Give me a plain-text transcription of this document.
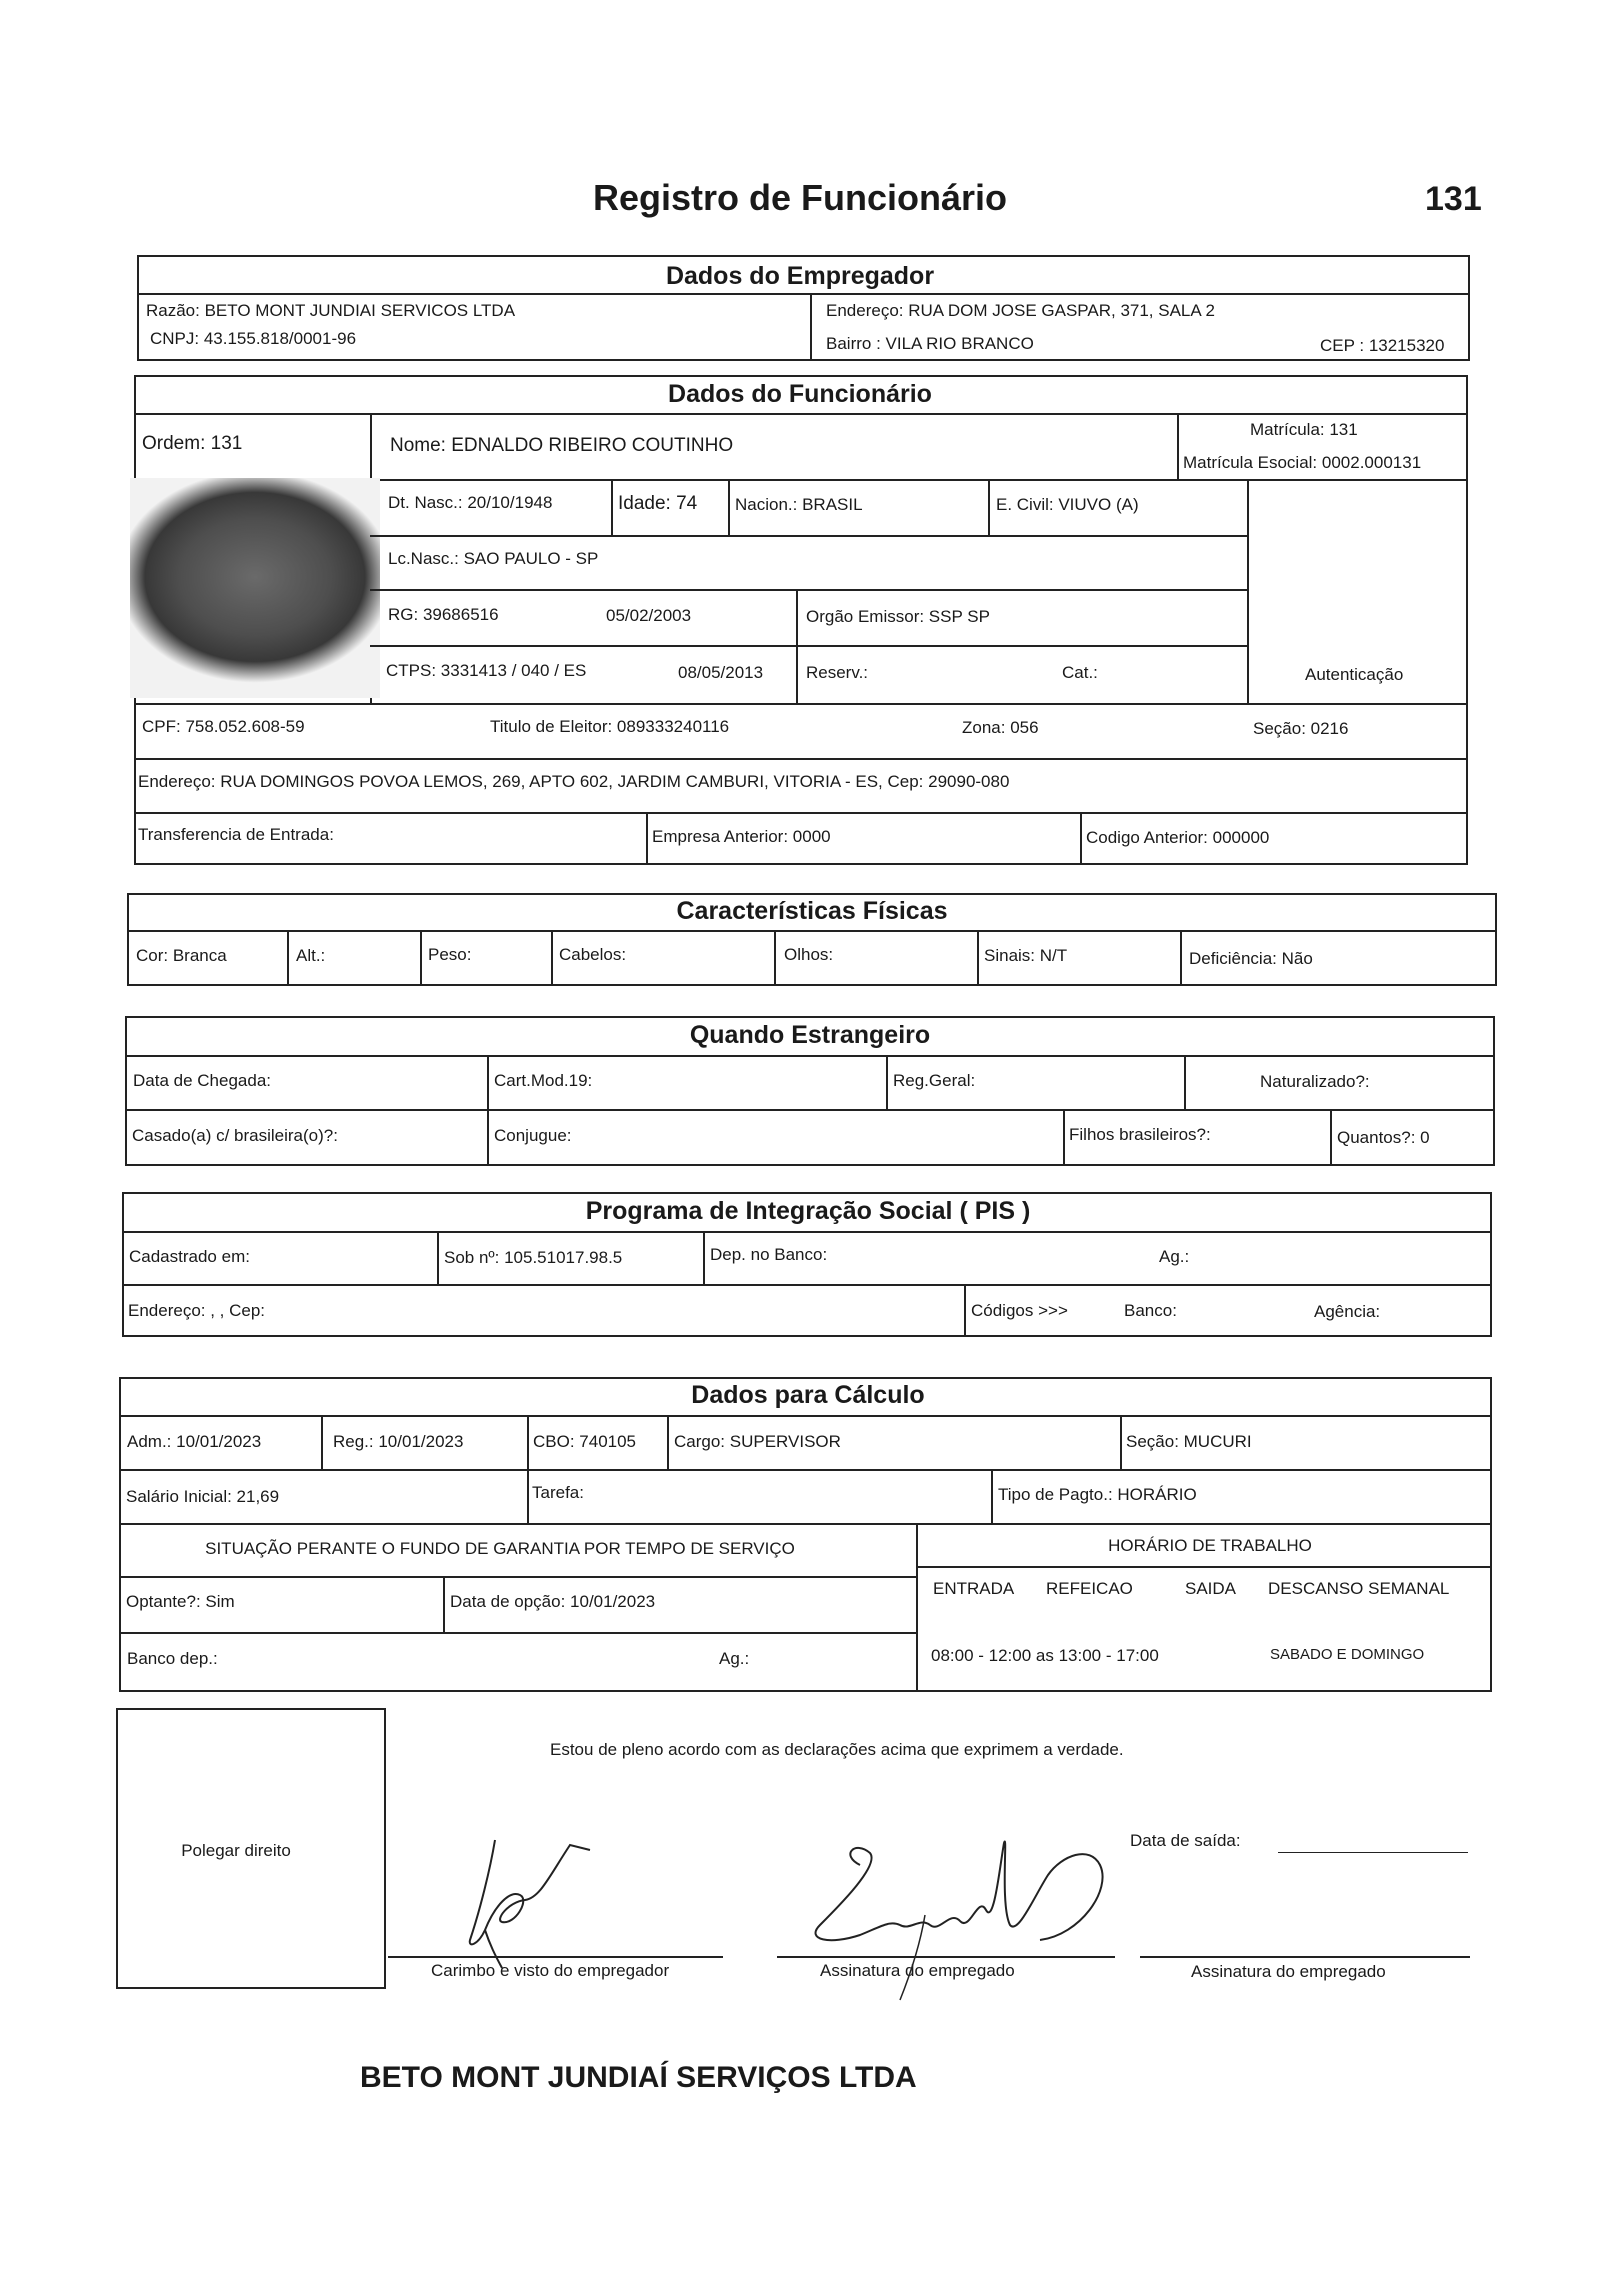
Registro de Funcionário	131
Dados do Empregador
Razão: BETO MONT JUNDIAI SERVICOS LTDA
CNPJ: 43.155.818/0001-96
Endereço: RUA DOM JOSE GASPAR, 371, SALA 2
Bairro : VILA RIO BRANCO	CEP : 13215320
Dados do Funcionário
Ordem: 131	Nome: EDNALDO RIBEIRO COUTINHO
Matrícula: 131
Matrícula Esocial: 0002.000131
Dt. Nasc.: 20/10/1948	Idade: 74 Nacion.: BRASIL	E. Civil: VIUVO (A)
Lc.Nasc.: SAO PAULO - SP
RG: 39686516	05/02/2003	Orgão Emissor: SSP SP
CTPS: 3331413 / 040 / ES	08/05/2013	Reserv.:	Cat.:	Autenticação
CPF: 758.052.608-59	Titulo de Eleitor: 089333240116	Zona: 056	Seção: 0216
Endereço: RUA DOMINGOS POVOA LEMOS, 269, APTO 602, JARDIM CAMBURI, VITORIA - ES, Cep: 29090-080
Transferencia de Entrada:	Empresa Anterior: 0000	Codigo Anterior: 000000
Características Físicas
Cor: Branca	Alt.:	Peso:	Cabelos:	Olhos:	Sinais: N/T	Deficiência: Não
Quando Estrangeiro
Data de Chegada:	Cart.Mod.19:	Reg.Geral:	Naturalizado?:
Casado(a) c/ brasileira(o)?:	Conjugue:	Filhos brasileiros?:	Quantos?: 0
Programa de Integração Social ( PIS )
Cadastrado em:	Sob nº: 105.51017.98.5	Dep. no Banco:	Ag.:
Endereço: , , Cep:	Códigos >>>	Banco:	Agência:
Dados para Cálculo
Adm.: 10/01/2023	Reg.: 10/01/2023	CBO: 740105 Cargo: SUPERVISOR	Seção: MUCURI
Salário Inicial: 21,69	Tarefa:	Tipo de Pagto.: HORÁRIO
SITUAÇÃO PERANTE O FUNDO DE GARANTIA POR TEMPO DE SERVIÇO	HORÁRIO DE TRABALHO
Optante?: Sim	Data de opção: 10/01/2023
ENTRADA REFEICAO	SAIDA DESCANSO SEMANAL
Banco dep.:	Ag.:	08:00 - 12:00 as 13:00 - 17:00	SABADO E DOMINGO
Polegar direito
Estou de pleno acordo com as declarações acima que exprimem a verdade.
Data de saída:
Carimbo e visto do empregador	Assinatura do empregado	Assinatura do empregado
BETO MONT JUNDIAÍ SERVIÇOS LTDA
